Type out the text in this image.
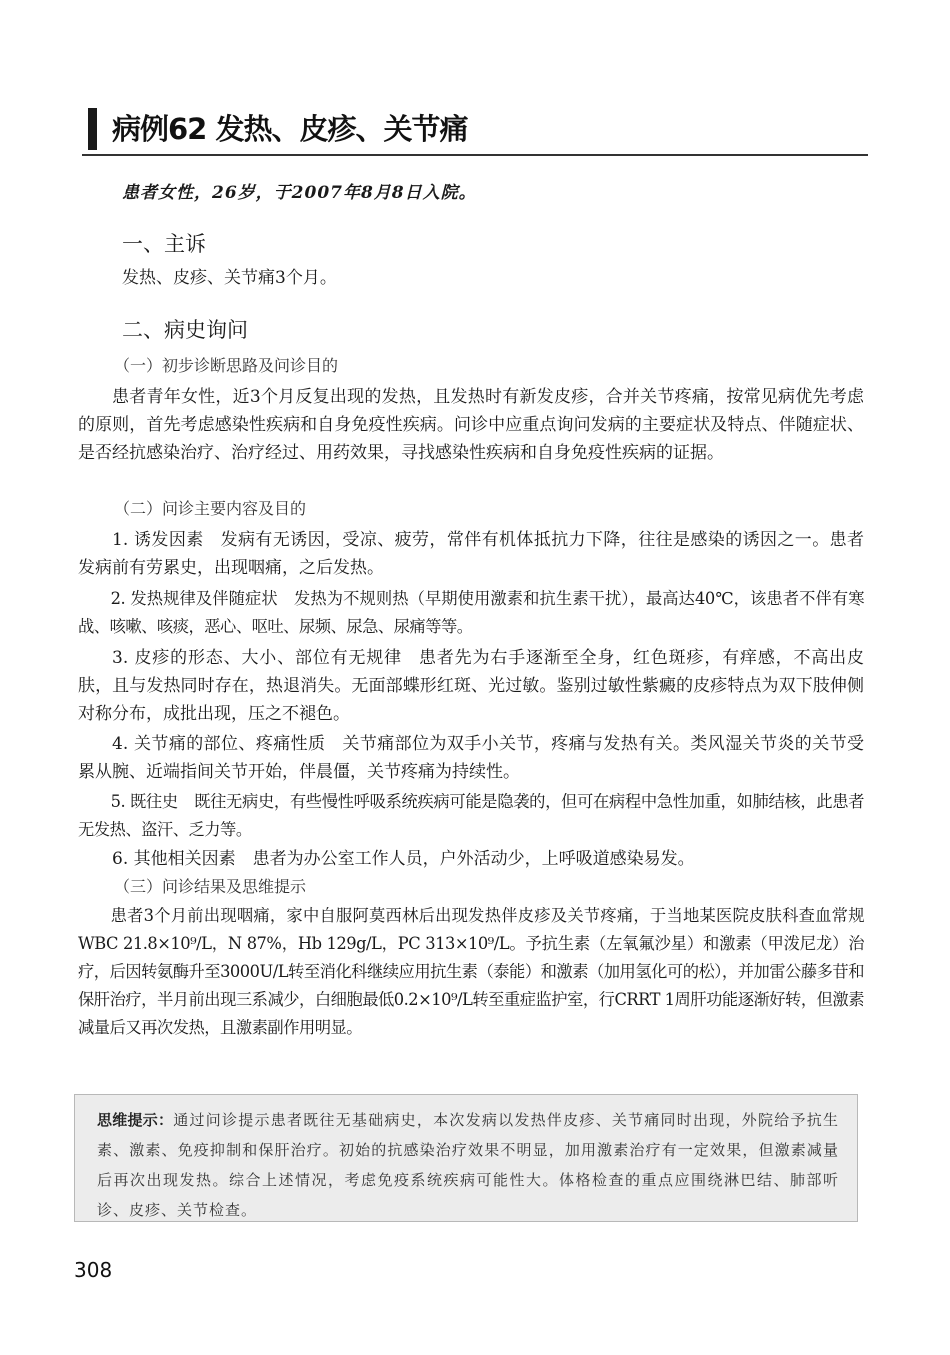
病例62 发热、皮疹、关节痛
患者女性，26岁，于2007年8月8日入院。
一、主诉

发热、皮疹、关节痛3个月。

二、病史询问
（一）初步诊断思路及问诊目的

患者青年女性，近3个月反复出现的发热，且发热时有新发皮疹，合并关节疼痛，按常见病优先考虑的原则，首先考虑感染性疾病和自身免疫性疾病。问诊中应重点询问发病的主要症状及特点、伴随症状、是否经抗感染治疗、治疗经过、用药效果，寻找感染性疾病和自身免疫性疾病的证据。

（二）问诊主要内容及目的

1. 诱发因素 发病有无诱因，受凉、疲劳，常伴有机体抵抗力下降，往往是感染的诱因之一。患者发病前有劳累史，出现咽痛，之后发热。

2. 发热规律及伴随症状 发热为不规则热（早期使用激素和抗生素干扰），最高达40℃，该患者不伴有寒战、咳嗽、咳痰，恶心、呕吐、尿频、尿急、尿痛等等。

3. 皮疹的形态、大小、部位有无规律 患者先为右手逐渐至全身，红色斑疹，有痒感，不高出皮肤，且与发热同时存在，热退消失。无面部蝶形红斑、光过敏。鉴别过敏性紫癜的皮疹特点为双下肢伸侧对称分布，成批出现，压之不褪色。

4. 关节痛的部位、疼痛性质 关节痛部位为双手小关节，疼痛与发热有关。类风湿关节炎的关节受累从腕、近端指间关节开始，伴晨僵，关节疼痛为持续性。

5. 既往史 既往无病史，有些慢性呼吸系统疾病可能是隐袭的，但可在病程中急性加重，如肺结核，此患者无发热、盗汗、乏力等。

6. 其他相关因素 患者为办公室工作人员，户外活动少，上呼吸道感染易发。

（三）问诊结果及思维提示

患者3个月前出现咽痛，家中自服阿莫西林后出现发热伴皮疹及关节疼痛，于当地某医院皮肤科查血常规WBC 21.8×10⁹/L，N 87%，Hb 129g/L，PC 313×10⁹/L。予抗生素（左氧氟沙星）和激素（甲泼尼龙）治疗，后因转氨酶升至3000U/L转至消化科继续应用抗生素（泰能）和激素（加用氢化可的松），并加雷公藤多苷和保肝治疗，半月前出现三系减少，白细胞最低0.2×10⁹/L转至重症监护室，行CRRT 1周肝功能逐渐好转，但激素减量后又再次发热，且激素副作用明显。

思维提示：通过问诊提示患者既往无基础病史，本次发病以发热伴皮疹、关节痛同时出现，外院给予抗生素、激素、免疫抑制和保肝治疗。初始的抗感染治疗效果不明显，加用激素治疗有一定效果，但激素减量后再次出现发热。综合上述情况，考虑免疫系统疾病可能性大。体格检查的重点应围绕淋巴结、肺部听诊、皮疹、关节检查。
308
